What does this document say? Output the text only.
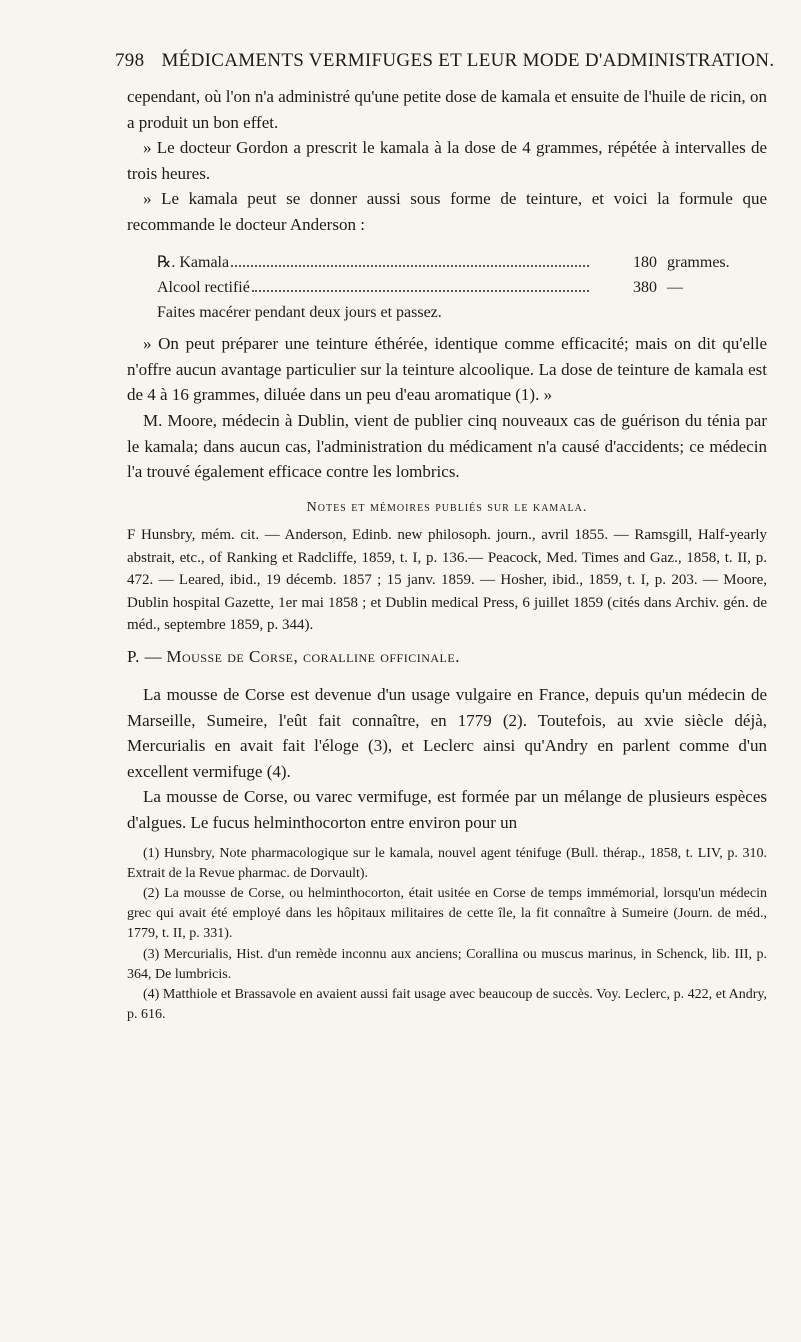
798 MÉDICAMENTS VERMIFUGES ET LEUR MODE D'ADMINISTRATION.

cependant, où l'on n'a administré qu'une petite dose de kamala et ensuite de l'huile de ricin, on a produit un bon effet.

» Le docteur Gordon a prescrit le kamala à la dose de 4 grammes, répétée à intervalles de trois heures.

» Le kamala peut se donner aussi sous forme de teinture, et voici la formule que recommande le docteur Anderson :

℞. Kamala	180 grammes.
Alcool rectifié	380 —
Faites macérer pendant deux jours et passez.

» On peut préparer une teinture éthérée, identique comme efficacité; mais on dit qu'elle n'offre aucun avantage particulier sur la teinture alcoolique. La dose de teinture de kamala est de 4 à 16 grammes, diluée dans un peu d'eau aromatique (1). »

M. Moore, médecin à Dublin, vient de publier cinq nouveaux cas de guérison du ténia par le kamala; dans aucun cas, l'administration du médicament n'a causé d'accidents; ce médecin l'a trouvé également efficace contre les lombrics.

Notes et mémoires publiés sur le kamala.

F Hunsbry, mém. cit. — Anderson, Edinb. new philosoph. journ., avril 1855. — Ramsgill, Half-yearly abstrait, etc., of Ranking et Radcliffe, 1859, t. I, p. 136.— Peacock, Med. Times and Gaz., 1858, t. II, p. 472. — Leared, ibid., 19 décemb. 1857 ; 15 janv. 1859. — Hosher, ibid., 1859, t. I, p. 203. — Moore, Dublin hospital Gazette, 1er mai 1858 ; et Dublin medical Press, 6 juillet 1859 (cités dans Archiv. gén. de méd., septembre 1859, p. 344).

P. — Mousse de Corse, coralline officinale.

La mousse de Corse est devenue d'un usage vulgaire en France, depuis qu'un médecin de Marseille, Sumeire, l'eût fait connaître, en 1779 (2). Toutefois, au xvie siècle déjà, Mercurialis en avait fait l'éloge (3), et Leclerc ainsi qu'Andry en parlent comme d'un excellent vermifuge (4).

La mousse de Corse, ou varec vermifuge, est formée par un mélange de plusieurs espèces d'algues. Le fucus helminthocorton entre environ pour un

(1) Hunsbry, Note pharmacologique sur le kamala, nouvel agent ténifuge (Bull. thérap., 1858, t. LIV, p. 310. Extrait de la Revue pharmac. de Dorvault).

(2) La mousse de Corse, ou helminthocorton, était usitée en Corse de temps immémorial, lorsqu'un médecin grec qui avait été employé dans les hôpitaux militaires de cette île, la fit connaître à Sumeire (Journ. de méd., 1779, t. II, p. 331).

(3) Mercurialis, Hist. d'un remède inconnu aux anciens; Corallina ou muscus marinus, in Schenck, lib. III, p. 364, De lumbricis.

(4) Matthiole et Brassavole en avaient aussi fait usage avec beaucoup de succès. Voy. Leclerc, p. 422, et Andry, p. 616.
